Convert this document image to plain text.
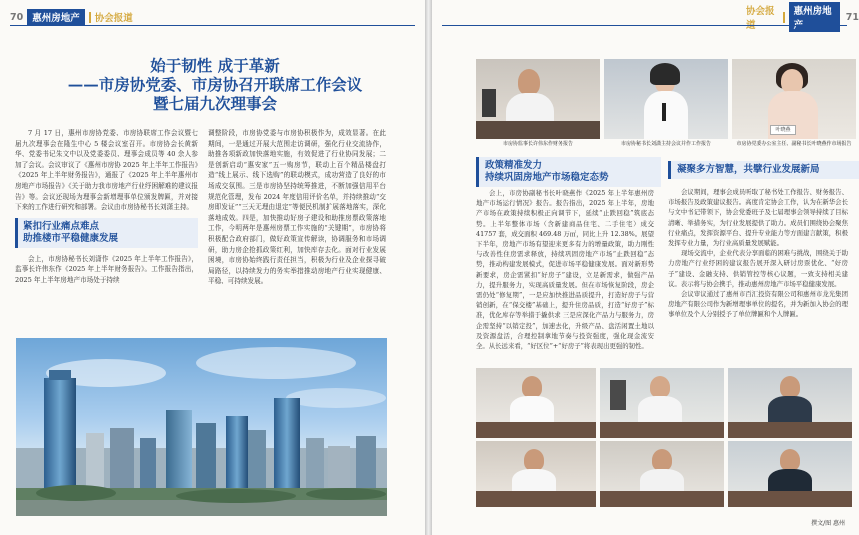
70 惠州房地产	协会报道
始于韧性 成于革新
——市房协党委、市房协召开联席工作会议
暨七届九次理事会

7 月 17 日，惠州市房协党委、市房协联席工作会议暨七届九次理事会在隆生中心 5 楼会议室召开。市房协会长黄新华、党委书记朱文中以及党委委员、理事会成员等 40 余人参加了会议。会议审议了《惠州市房协 2025 年上半年工作报告》《2025 年上半年财务报告》，通报了《2025 年上半年惠州市房地产市场报告》《关于助力我市房地产行业纾困解难的建议报告》等。会议还现场为理事会新增理事单位颁发牌匾，并对接下来的工作进行研究和部署。会议由市房协秘书长刘潇主持。

紧扣行业痛点难点
助推楼市平稳健康发展

会上，市房协秘书长刘潇作《2025 年上半年工作报告》，监事长许伟东作《2025 年上半年财务报告》。工作报告指出，2025 年上半年房地产市场处于持续

调整阶段，市房协党委与市房协积极作为，成效显著。在此期间，一是通过开展大范围走访调研，强化行业交流协作，助推各项新政加快落地实施，有效促进了行业协同发展；二是创新启动“惠安家”五一购房节，联动上百个精品楼盘打造“线上展示、线下选购”的联动模式，成功营造了良好的市场成交氛围。三是市房协坚持统筹推进，不断加强信用平台规范化管理，发布 2024 年度信用评价名单，并持续推动“交房即发证”“三天无理由退定”等便民机制扩展落地落实，深化落地成效。四是，加快推动好房子建设和助推房票政策落地工作，今明两年是惠州房票工作实施的“关键期”，市房协将积极配合政府部门，做好政策宣传解读，协调服务和市场调研，助力房企抢抓政策红利，加快库存去化。面对行业发展困境，市房协始终践行责任担当，积极为行业及企业探寻破局路径，以持续发力的务实举措推动房地产行业实现健康、平稳、可持续发展。

协会报	惠州房地	71
市房协监事长许伟东作财务报告	市房协秘书长刘潇主持会议并作工作报告
叶晓燕
市房协党委办公室主任、副秘书长叶晓燕作市场报告
政策精准发力
持续巩固房地产市场稳定态势

会上，市房协副秘书长叶晓燕作《2025 年上半年惠州房地产市场运行情况》报告。报告指出，2025 年上半年，房地产市场在政策持续积极正向调节下，延续“止跌回稳”筑底态势。上半年整体市场（含新建商品住宅、二手住宅）成交 41757 套，成交面积 469.48 万㎡，同比上升 12.38%。展望下半年，房地产市场有望迎来更多有力的增量政策，助力刚性与改善性住房需求释放，持续巩固房地产市场“止跌回稳”态势，推动构建发展模式，促进市场平稳健康发展。面对新形势新要求，房企需紧扣“好房子”建设，立足新需求，做强产品力，提升服务力，实现高质量发展。但在市场恢复阶段，房企需仍处“修复期”，一是应加快推进品质提升，打造好房子与营销创新，在“保交楼”基础上，提升住房品质，打造“好房子”标准，优化库存等举措于撬供求 三是应深化产品力与服务力，房企需坚持“以销定投”，加速去化，升级产品、盘活闲置土地以及资源盘活，合理控制拿地节奏与投资强度，强化现金流安全。从长远来看，“好区位”+“好房子”将表现出更强的韧性。

凝聚多方智慧，共擘行业发展新局

会议期间，理事会成员听取了秘书处工作报告、财务报告、市场报告及政策建议报告。高度肯定协会工作，认为在新华会长与文中书记带领下，协会党委班子及七届理事会领导持续了目标清晰、举措务实，为行业发展提供了助力。成员们围绕协会聚焦行业痛点，发挥资源平台、提升专业能力等方面建言献策，积极发挥专业力量，为行业高质量发展赋能。

现场交流中，企业代表分享面临的困难与挑战，围绕关于助力房地产行业纾困的建议报告展开深入研讨房票优化、“好房子”建设、金融支持、供销管控等核心议题，一致支持相关建议。表示将与协会携手，推动惠州房地产市场平稳健康发展。

会议审议通过了惠州市百汇投资有限公司和惠州市龙光集团房地产有限公司作为新增理事单位的提名，并为新加入协会的理事单位及个人分别授予了单位牌匾和个人牌匾。

撰文/图 惠州
